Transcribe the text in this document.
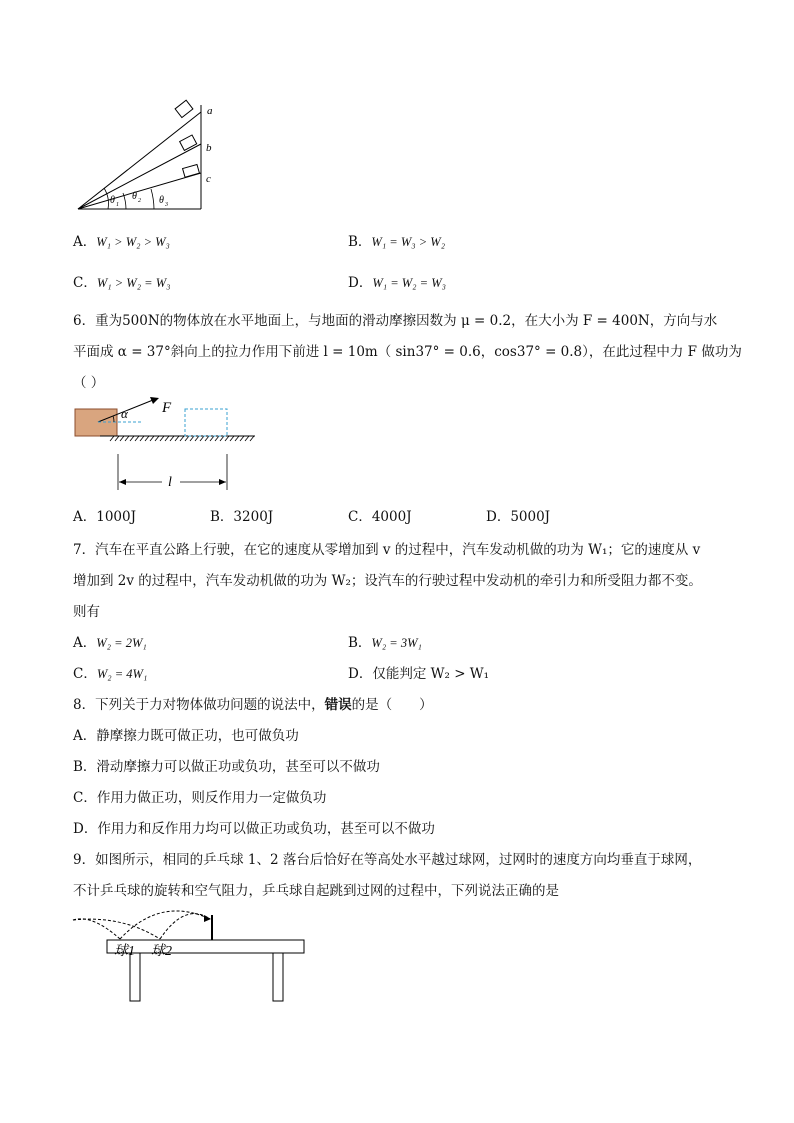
a
b
c
θ 1
θ 2 θ 3
A．W₁ > W₂ > W₃	B．W₁ = W₃ > W₂
C．W₁ > W₂ = W₃	D．W₁ = W₂ = W₃
6．重为500N的物体放在水平地面上，与地面的滑动摩擦因数为 μ = 0.2，在大小为 F = 400N，方向与水
平面成 α = 37°斜向上的拉力作用下前进 l = 10m（ sin37° = 0.6，cos37° = 0.8），在此过程中力 F 做功为
（ ）
F
α
l
A．1000J	B．3200J	C．4000J	D．5000J
7．汽车在平直公路上行驶，在它的速度从零增加到 v 的过程中，汽车发动机做的功为 W₁；它的速度从 v
增加到 2v 的过程中，汽车发动机做的功为 W₂；设汽车的行驶过程中发动机的牵引力和所受阻力都不变。
则有
A．W₂ = 2W₁	B．W₂ = 3W₁
C．W₂ = 4W₁	D．仅能判定 W₂ > W₁
8．下列关于力对物体做功问题的说法中，错误的是（　　）
A．静摩擦力既可做正功，也可做负功
B．滑动摩擦力可以做正功或负功，甚至可以不做功
C．作用力做正功，则反作用力一定做负功
D．作用力和反作用力均可以做正功或负功，甚至可以不做功
9．如图所示，相同的乒乓球 1、2 落台后恰好在等高处水平越过球网，过网时的速度方向均垂直于球网，
不计乒乓球的旋转和空气阻力，乒乓球自起跳到过网的过程中，下列说法正确的是
球1 球2
